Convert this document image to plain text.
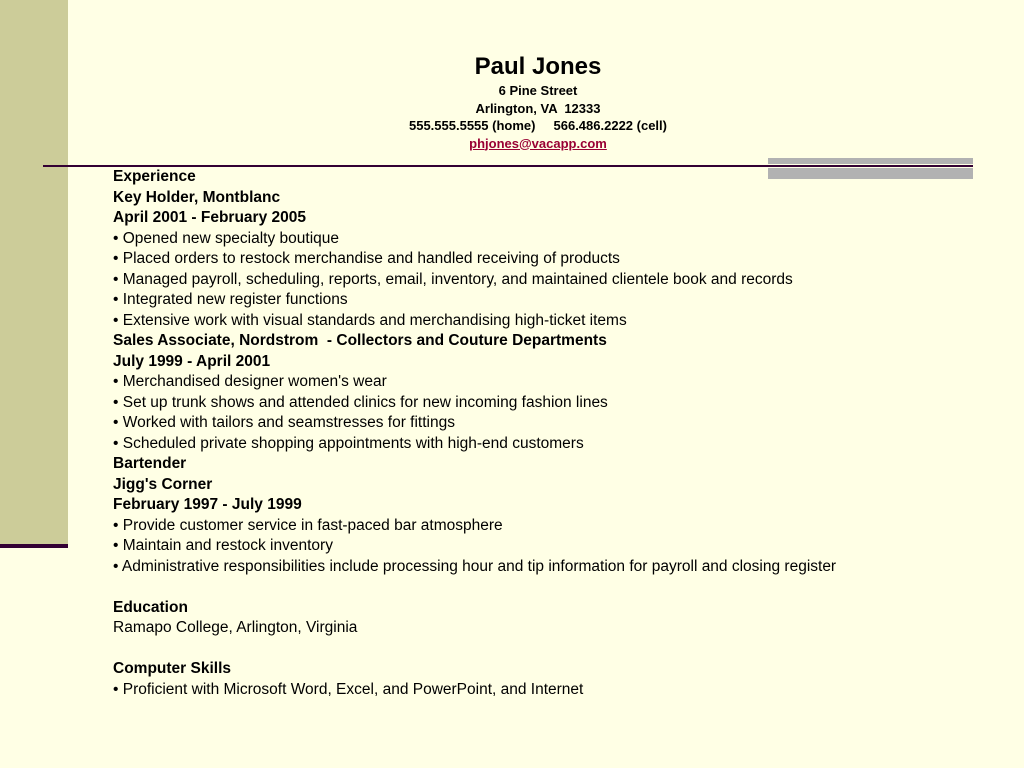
Paul Jones
6 Pine Street
Arlington, VA  12333
555.555.5555 (home)     566.486.2222 (cell)
phjones@vacapp.com
Experience
Key Holder, Montblanc
April 2001 - February 2005
• Opened new specialty boutique
• Placed orders to restock merchandise and handled receiving of products
• Managed payroll, scheduling, reports, email, inventory, and maintained clientele book and records
• Integrated new register functions
• Extensive work with visual standards and merchandising high-ticket items
Sales Associate, Nordstrom  - Collectors and Couture Departments
July 1999 - April 2001
• Merchandised designer women's wear
• Set up trunk shows and attended clinics for new incoming fashion lines
• Worked with tailors and seamstresses for fittings
• Scheduled private shopping appointments with high-end customers
Bartender
Jigg's Corner
February 1997 - July 1999
• Provide customer service in fast-paced bar atmosphere
• Maintain and restock inventory
• Administrative responsibilities include processing hour and tip information for payroll and closing register
Education
Ramapo College, Arlington, Virginia
Computer Skills
• Proficient with Microsoft Word, Excel, and PowerPoint, and Internet
